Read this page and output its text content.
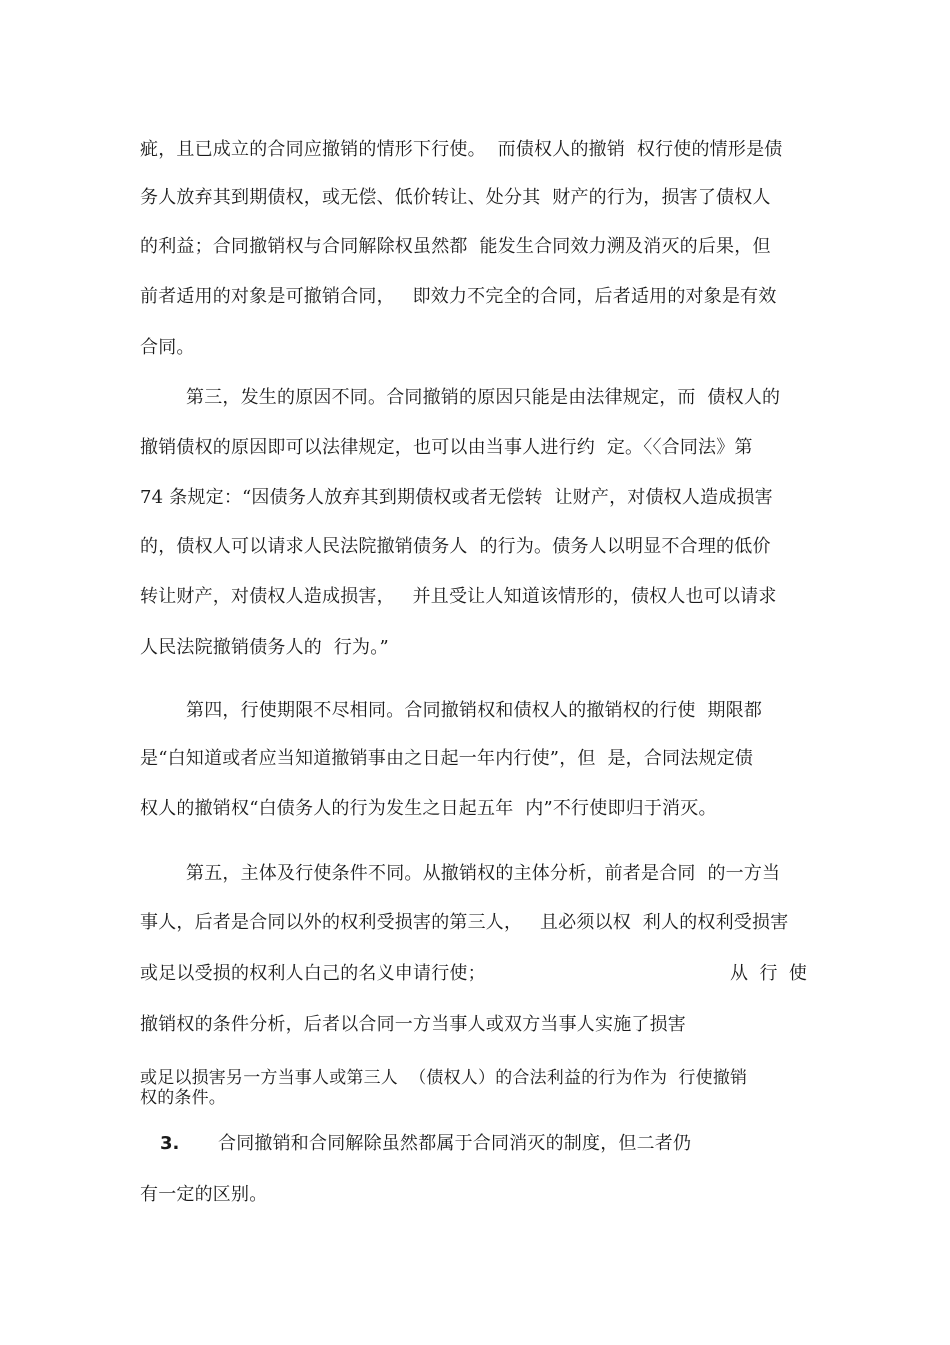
疵，且已成立的合同应撤销的情形下行使。  而债权人的撤销  权行使的情形是债
务人放弃其到期债权，或无偿、低价转让、处分其  财产的行为，损害了债权人
的利益；合同撤销权与合同解除权虽然都  能发生合同效力溯及消灭的后果，但
前者适用的对象是可撤销合同，   即效力不完全的合同，后者适用的对象是有效
合同。
第三，发生的原因不同。合同撤销的原因只能是由法律规定，而  债权人的
撤销债权的原因即可以法律规定，也可以由当事人进行约  定。〈〈合同法》第
74 条规定：“因债务人放弃其到期债权或者无偿转  让财产，对债权人造成损害
的，债权人可以请求人民法院撤销债务人  的行为。债务人以明显不合理的低价
转让财产，对债权人造成损害，   并且受让人知道该情形的，债权人也可以请求
人民法院撤销债务人的  行为。”
第四，行使期限不尽相同。合同撤销权和债权人的撤销权的行使  期限都
是“白知道或者应当知道撤销事由之日起一年内行使”，但  是，合同法规定债
权人的撤销权“白债务人的行为发生之日起五年  内”不行使即归于消灭。
第五，主体及行使条件不同。从撤销权的主体分析，前者是合同  的一方当
事人，后者是合同以外的权利受损害的第三人，   且必须以权  利人的权利受损害
或足以受损的权利人白己的名义申请行使；	从  行  使
撤销权的条件分析，后者以合同一方当事人或双方当事人实施了损害
或足以损害另一方当事人或第三人  （债权人）的合法利益的行为作为  行使撤销
权的条件。
3. 合同撤销和合同解除虽然都属于合同消灭的制度，但二者仍
有一定的区别。
